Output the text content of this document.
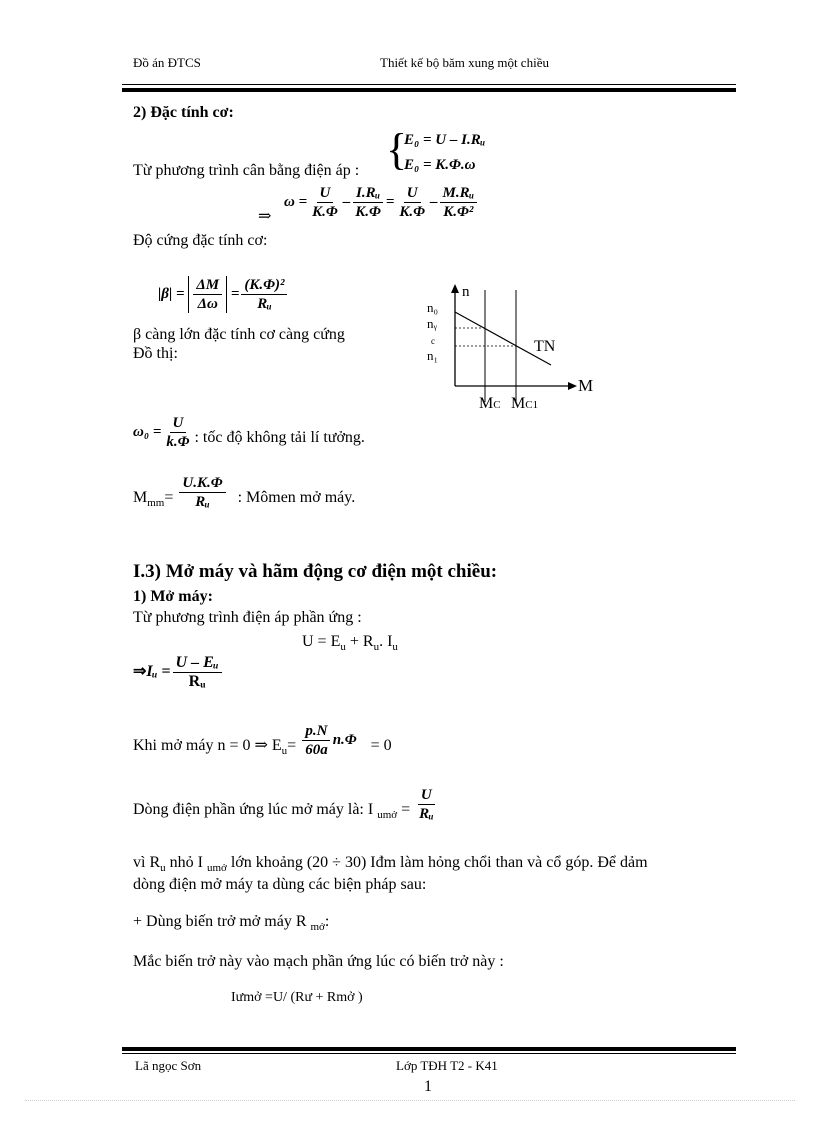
Đồ án ĐTCS	Thiết kế bộ băm xung một chiều
2) Đặc tính cơ:
Từ phương trình cân bằng điện áp : {
E₀ = U – I.Rᵤ
E₀ = K.Φ.ω
⇒
$\omega = \frac{U}{K.\Phi} - \frac{\text{I.Rᵤ}}{K.\Phi} = \frac{U}{K.\Phi} - \frac{\text{M.Rᵤ}}{\text{K.Φ²}}$
Độ cứng đặc tính cơ:
$|\beta| = \frac{\Delta M}{\Delta\omega} = \frac{\text{(K.Φ)²}}{\text{Rᵤ}}$
β càng lớn đặc tính cơ càng cứng
Đồ thị:
n
n₀
nᵧ
c
n₁
TN
M
MC MC1
$\omega_0 = \frac{U}{k.\Phi}$ : tốc độ không tải lí tưởng.
$M_{mm}= \frac{U.K.\Phi}{\text{Rᵤ}}$ : Mômen mở máy.
I.3) Mở máy và hãm động cơ điện một chiều:
1) Mở máy:
Từ phương trình điện áp phần ứng :
$U = E_u + R_u$. $I_u$
⇒Iᵤ = $\frac{\text{U – Eᵤ}}{\text{Rᵤ}}$
Khi mở máy n = 0 ⇒ $E_u= \frac{p.N}{60a} n.\Phi = 0$
Dòng điện phần ứng lúc mở máy là: I $_{umở} = \frac{U}{\text{Rᵤ}}$
vì $R_u$ nhỏ I $_{umở}$ lớn khoảng (20 ÷ 30) Iđm làm hỏng chổi than và cổ góp. Để dảm
dòng điện mở máy ta dùng các biện pháp sau:
+ Dùng biến trở mở máy R $_{mở}$:
Mắc biến trở này vào mạch phần ứng lúc có biến trở này :
Iưmở =U/ (Rư + Rmở )
Lã ngọc Sơn	Lớp TĐH T2 - K41
1
